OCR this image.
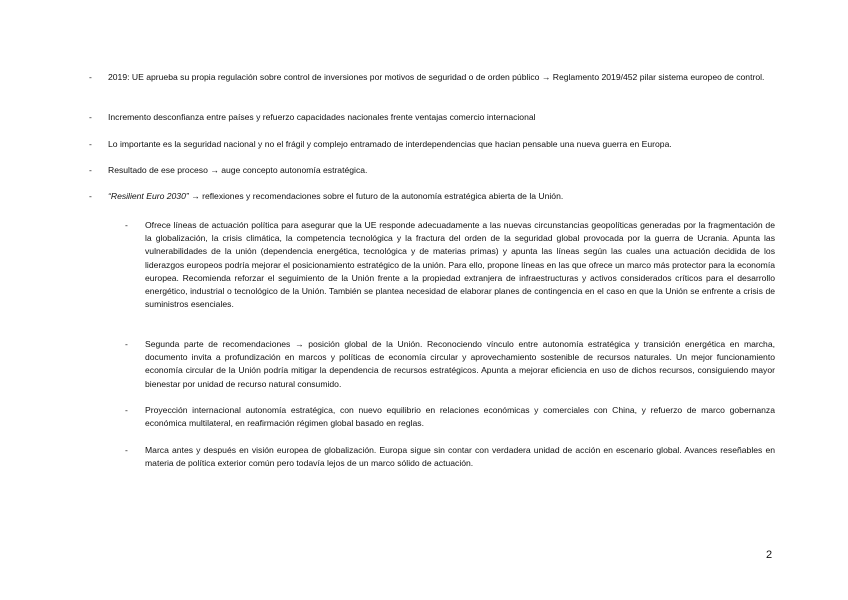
-	2019: UE aprueba su propia regulación sobre control de inversiones por motivos de seguridad o de orden público → Reglamento 2019/452 pilar sistema europeo de control.
-	Incremento desconfianza entre países y refuerzo capacidades nacionales frente ventajas comercio internacional
-	Lo importante es la seguridad nacional y no el frágil y complejo entramado de interdependencias que hacian pensable una nueva guerra en Europa.
-	Resultado de ese proceso → auge concepto autonomía estratégica.
-	“Resilient Euro 2030” → reflexiones y recomendaciones sobre el futuro de la autonomía estratégica abierta de la Unión.
-	Ofrece líneas de actuación política para asegurar que la UE responde adecuadamente a las nuevas circunstancias geopolíticas generadas por la fragmentación de la globalización, la crisis climática, la competencia tecnológica y la fractura del orden de la seguridad global provocada por la guerra de Ucrania. Apunta las vulnerabilidades de la unión (dependencia energética, tecnológica y de materias primas) y apunta las líneas según las cuales una actuación decidida de los liderazgos europeos podría mejorar el posicionamiento estratégico de la unión. Para ello, propone líneas en las que ofrece un marco más protector para la economía europea. Recomienda reforzar el seguimiento de la Unión frente a la propiedad extranjera de infraestructuras y activos considerados críticos para el desarrollo energético, industrial o tecnológico de la Unión. También se plantea necesidad de elaborar planes de contingencia en el caso en que la Unión se enfrente a crisis de suministros esenciales.
-	Segunda parte de recomendaciones → posición global de la Unión. Reconociendo vínculo entre autonomía estratégica y transición energética en marcha, documento invita a profundización en marcos y políticas de economía circular y aprovechamiento sostenible de recursos naturales. Un mejor funcionamiento economía circular de la Unión podría mitigar la dependencia de recursos estratégicos. Apunta a mejorar eficiencia en uso de dichos recursos, consiguiendo mayor bienestar por unidad de recurso natural consumido.
-	Proyección internacional autonomía estratégica, con nuevo equilibrio en relaciones económicas y comerciales con China, y refuerzo de marco gobernanza económica multilateral, en reafirmación régimen global basado en reglas.
-	Marca antes y después en visión europea de globalización. Europa sigue sin contar con verdadera unidad de acción en escenario global. Avances reseñables en materia de política exterior común pero todavía lejos de un marco sólido de actuación.
2
